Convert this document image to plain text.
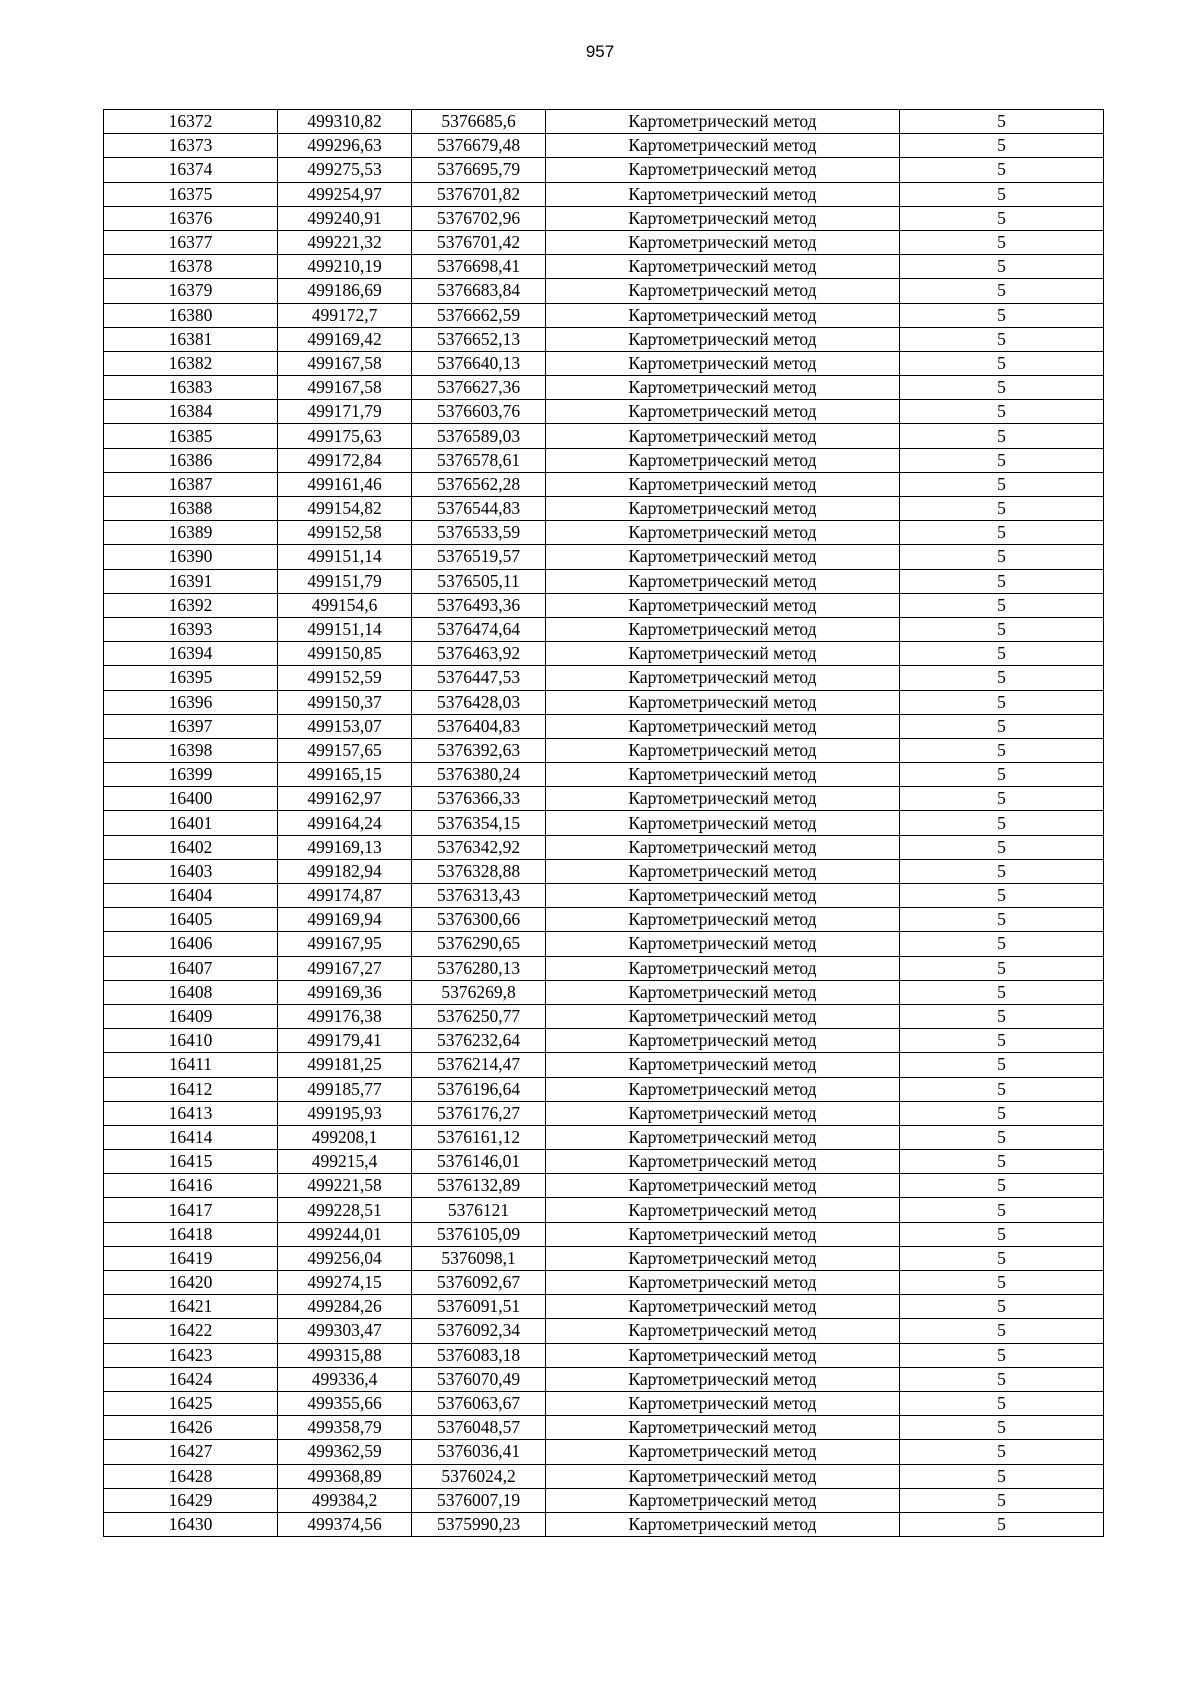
957
16372	499310,82	5376685,6	Картометрический метод	5
16373	499296,63	5376679,48	Картометрический метод	5
16374	499275,53	5376695,79	Картометрический метод	5
16375	499254,97	5376701,82	Картометрический метод	5
16376	499240,91	5376702,96	Картометрический метод	5
16377	499221,32	5376701,42	Картометрический метод	5
16378	499210,19	5376698,41	Картометрический метод	5
16379	499186,69	5376683,84	Картометрический метод	5
16380	499172,7	5376662,59	Картометрический метод	5
16381	499169,42	5376652,13	Картометрический метод	5
16382	499167,58	5376640,13	Картометрический метод	5
16383	499167,58	5376627,36	Картометрический метод	5
16384	499171,79	5376603,76	Картометрический метод	5
16385	499175,63	5376589,03	Картометрический метод	5
16386	499172,84	5376578,61	Картометрический метод	5
16387	499161,46	5376562,28	Картометрический метод	5
16388	499154,82	5376544,83	Картометрический метод	5
16389	499152,58	5376533,59	Картометрический метод	5
16390	499151,14	5376519,57	Картометрический метод	5
16391	499151,79	5376505,11	Картометрический метод	5
16392	499154,6	5376493,36	Картометрический метод	5
16393	499151,14	5376474,64	Картометрический метод	5
16394	499150,85	5376463,92	Картометрический метод	5
16395	499152,59	5376447,53	Картометрический метод	5
16396	499150,37	5376428,03	Картометрический метод	5
16397	499153,07	5376404,83	Картометрический метод	5
16398	499157,65	5376392,63	Картометрический метод	5
16399	499165,15	5376380,24	Картометрический метод	5
16400	499162,97	5376366,33	Картометрический метод	5
16401	499164,24	5376354,15	Картометрический метод	5
16402	499169,13	5376342,92	Картометрический метод	5
16403	499182,94	5376328,88	Картометрический метод	5
16404	499174,87	5376313,43	Картометрический метод	5
16405	499169,94	5376300,66	Картометрический метод	5
16406	499167,95	5376290,65	Картометрический метод	5
16407	499167,27	5376280,13	Картометрический метод	5
16408	499169,36	5376269,8	Картометрический метод	5
16409	499176,38	5376250,77	Картометрический метод	5
16410	499179,41	5376232,64	Картометрический метод	5
16411	499181,25	5376214,47	Картометрический метод	5
16412	499185,77	5376196,64	Картометрический метод	5
16413	499195,93	5376176,27	Картометрический метод	5
16414	499208,1	5376161,12	Картометрический метод	5
16415	499215,4	5376146,01	Картометрический метод	5
16416	499221,58	5376132,89	Картометрический метод	5
16417	499228,51	5376121	Картометрический метод	5
16418	499244,01	5376105,09	Картометрический метод	5
16419	499256,04	5376098,1	Картометрический метод	5
16420	499274,15	5376092,67	Картометрический метод	5
16421	499284,26	5376091,51	Картометрический метод	5
16422	499303,47	5376092,34	Картометрический метод	5
16423	499315,88	5376083,18	Картометрический метод	5
16424	499336,4	5376070,49	Картометрический метод	5
16425	499355,66	5376063,67	Картометрический метод	5
16426	499358,79	5376048,57	Картометрический метод	5
16427	499362,59	5376036,41	Картометрический метод	5
16428	499368,89	5376024,2	Картометрический метод	5
16429	499384,2	5376007,19	Картометрический метод	5
16430	499374,56	5375990,23	Картометрический метод	5
